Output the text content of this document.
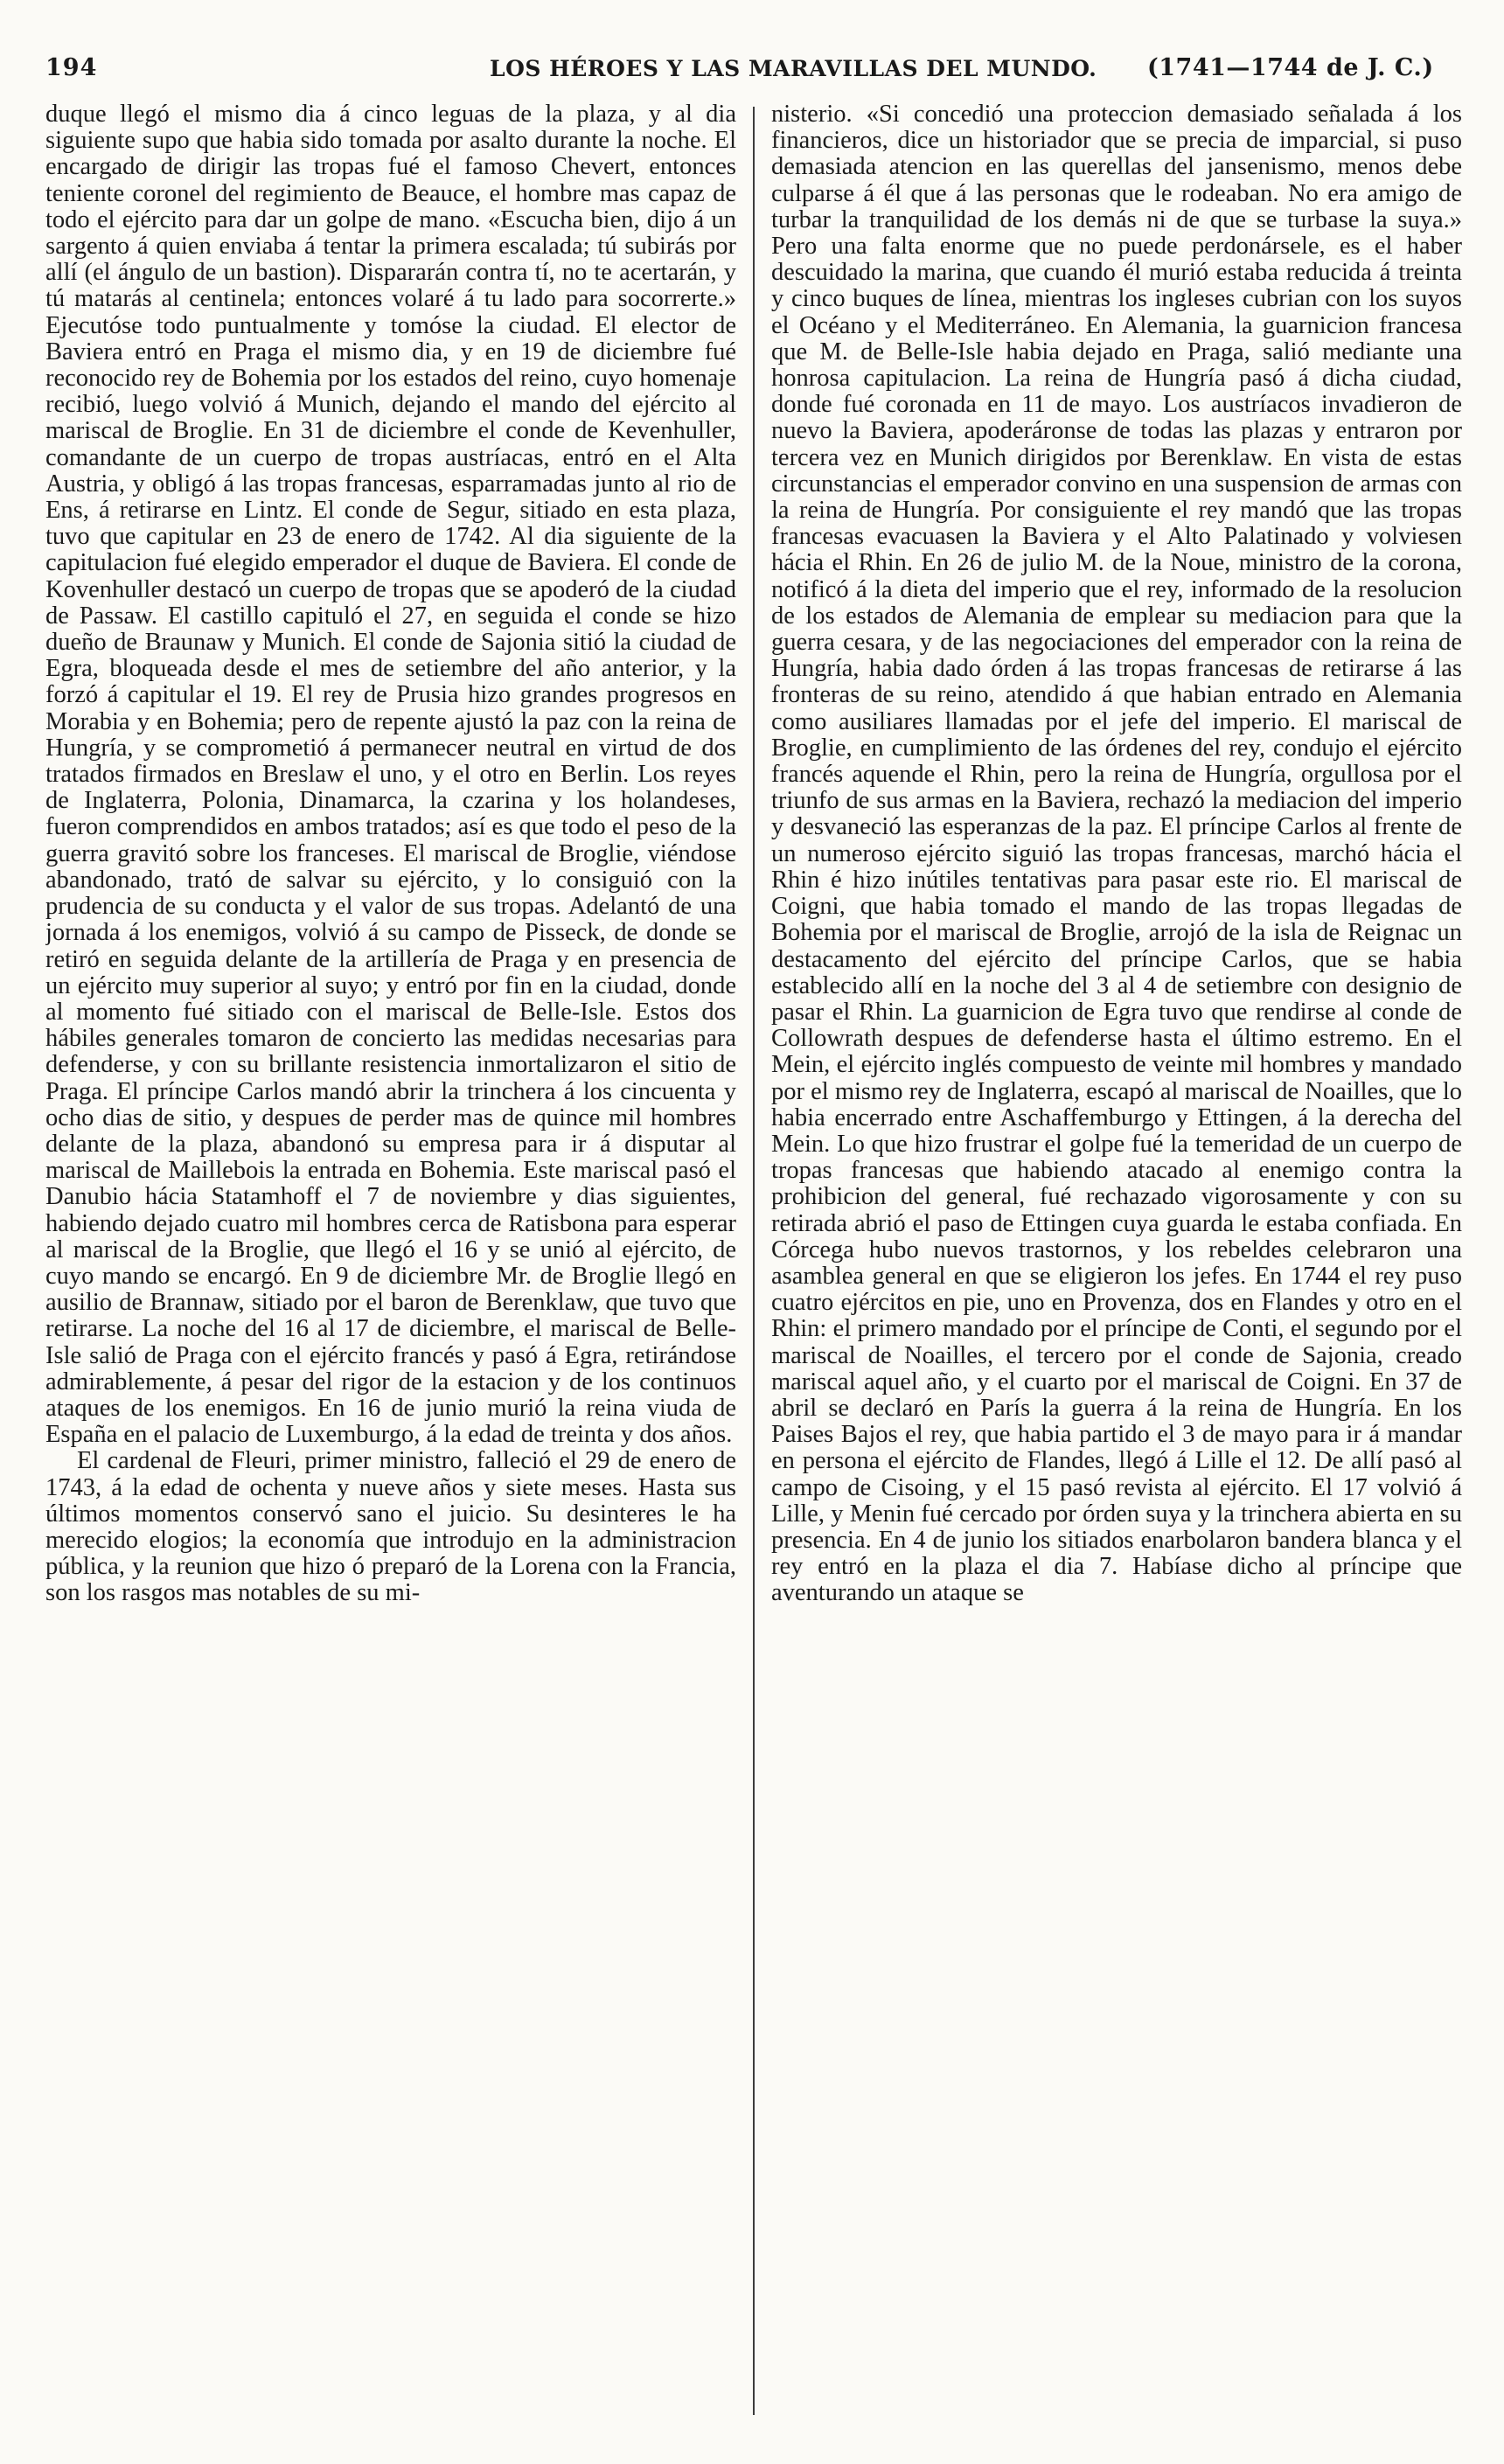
194	LOS HÉROES Y LAS MARAVILLAS DEL MUNDO. (1741—1744 de J. C.)

duque llegó el mismo dia á cinco leguas de la plaza, y al dia siguiente supo que habia sido tomada por asalto durante la noche. El encargado de dirigir las tropas fué el famoso Chevert, entonces teniente coronel del regimiento de Beauce, el hombre mas capaz de todo el ejército para dar un golpe de mano. «Escucha bien, dijo á un sargento á quien enviaba á tentar la primera escalada; tú subirás por allí (el ángulo de un bastion). Dispararán contra tí, no te acertarán, y tú matarás al centinela; entonces volaré á tu lado para socorrerte.» Ejecutóse todo puntualmente y tomóse la ciudad. El elector de Baviera entró en Praga el mismo dia, y en 19 de diciembre fué reconocido rey de Bohemia por los estados del reino, cuyo homenaje recibió, luego volvió á Munich, dejando el mando del ejército al mariscal de Broglie. En 31 de diciembre el conde de Kevenhuller, comandante de un cuerpo de tropas austríacas, entró en el Alta Austria, y obligó á las tropas francesas, esparramadas junto al rio de Ens, á retirarse en Lintz. El conde de Segur, sitiado en esta plaza, tuvo que capitular en 23 de enero de 1742. Al dia siguiente de la capitulacion fué elegido emperador el duque de Baviera. El conde de Kovenhuller destacó un cuerpo de tropas que se apoderó de la ciudad de Passaw. El castillo capituló el 27, en seguida el conde se hizo dueño de Braunaw y Munich. El conde de Sajonia sitió la ciudad de Egra, bloqueada desde el mes de setiembre del año anterior, y la forzó á capitular el 19. El rey de Prusia hizo grandes progresos en Morabia y en Bohemia; pero de repente ajustó la paz con la reina de Hungría, y se comprometió á permanecer neutral en virtud de dos tratados firmados en Breslaw el uno, y el otro en Berlin. Los reyes de Inglaterra, Polonia, Dinamarca, la czarina y los holandeses, fueron comprendidos en ambos tratados; así es que todo el peso de la guerra gravitó sobre los franceses. El mariscal de Broglie, viéndose abandonado, trató de salvar su ejército, y lo consiguió con la prudencia de su conducta y el valor de sus tropas. Adelantó de una jornada á los enemigos, volvió á su campo de Pisseck, de donde se retiró en seguida delante de la artillería de Praga y en presencia de un ejército muy superior al suyo; y entró por fin en la ciudad, donde al momento fué sitiado con el mariscal de Belle-Isle. Estos dos hábiles generales tomaron de concierto las medidas necesarias para defenderse, y con su brillante resistencia inmortalizaron el sitio de Praga. El príncipe Carlos mandó abrir la trinchera á los cincuenta y ocho dias de sitio, y despues de perder mas de quince mil hombres delante de la plaza, abandonó su empresa para ir á disputar al mariscal de Maillebois la entrada en Bohemia. Este mariscal pasó el Danubio hácia Statamhoff el 7 de noviembre y dias siguientes, habiendo dejado cuatro mil hombres cerca de Ratisbona para esperar al mariscal de la Broglie, que llegó el 16 y se unió al ejército, de cuyo mando se encargó. En 9 de diciembre Mr. de Broglie llegó en ausilio de Brannaw, sitiado por el baron de Berenklaw, que tuvo que retirarse. La noche del 16 al 17 de diciembre, el mariscal de Belle-Isle salió de Praga con el ejército francés y pasó á Egra, retirándose admirablemente, á pesar del rigor de la estacion y de los continuos ataques de los enemigos. En 16 de junio murió la reina viuda de España en el palacio de Luxemburgo, á la edad de treinta y dos años.

El cardenal de Fleuri, primer ministro, falleció el 29 de enero de 1743, á la edad de ochenta y nueve años y siete meses. Hasta sus últimos momentos conservó sano el juicio. Su desinteres le ha merecido elogios; la economía que introdujo en la administracion pública, y la reunion que hizo ó preparó de la Lorena con la Francia, son los rasgos mas notables de su mi-

nisterio. «Si concedió una proteccion demasiado señalada á los financieros, dice un historiador que se precia de imparcial, si puso demasiada atencion en las querellas del jansenismo, menos debe culparse á él que á las personas que le rodeaban. No era amigo de turbar la tranquilidad de los demás ni de que se turbase la suya.» Pero una falta enorme que no puede perdonársele, es el haber descuidado la marina, que cuando él murió estaba reducida á treinta y cinco buques de línea, mientras los ingleses cubrian con los suyos el Océano y el Mediterráneo. En Alemania, la guarnicion francesa que M. de Belle-Isle habia dejado en Praga, salió mediante una honrosa capitulacion. La reina de Hungría pasó á dicha ciudad, donde fué coronada en 11 de mayo. Los austríacos invadieron de nuevo la Baviera, apoderáronse de todas las plazas y entraron por tercera vez en Munich dirigidos por Berenklaw. En vista de estas circunstancias el emperador convino en una suspension de armas con la reina de Hungría. Por consiguiente el rey mandó que las tropas francesas evacuasen la Baviera y el Alto Palatinado y volviesen hácia el Rhin. En 26 de julio M. de la Noue, ministro de la corona, notificó á la dieta del imperio que el rey, informado de la resolucion de los estados de Alemania de emplear su mediacion para que la guerra cesara, y de las negociaciones del emperador con la reina de Hungría, habia dado órden á las tropas francesas de retirarse á las fronteras de su reino, atendido á que habian entrado en Alemania como ausiliares llamadas por el jefe del imperio. El mariscal de Broglie, en cumplimiento de las órdenes del rey, condujo el ejército francés aquende el Rhin, pero la reina de Hungría, orgullosa por el triunfo de sus armas en la Baviera, rechazó la mediacion del imperio y desvaneció las esperanzas de la paz. El príncipe Carlos al frente de un numeroso ejército siguió las tropas francesas, marchó hácia el Rhin é hizo inútiles tentativas para pasar este rio. El mariscal de Coigni, que habia tomado el mando de las tropas llegadas de Bohemia por el mariscal de Broglie, arrojó de la isla de Reignac un destacamento del ejército del príncipe Carlos, que se habia establecido allí en la noche del 3 al 4 de setiembre con designio de pasar el Rhin. La guarnicion de Egra tuvo que rendirse al conde de Collowrath despues de defenderse hasta el último estremo. En el Mein, el ejército inglés compuesto de veinte mil hombres y mandado por el mismo rey de Inglaterra, escapó al mariscal de Noailles, que lo habia encerrado entre Aschaffemburgo y Ettingen, á la derecha del Mein. Lo que hizo frustrar el golpe fué la temeridad de un cuerpo de tropas francesas que habiendo atacado al enemigo contra la prohibicion del general, fué rechazado vigorosamente y con su retirada abrió el paso de Ettingen cuya guarda le estaba confiada. En Córcega hubo nuevos trastornos, y los rebeldes celebraron una asamblea general en que se eligieron los jefes. En 1744 el rey puso cuatro ejércitos en pie, uno en Provenza, dos en Flandes y otro en el Rhin: el primero mandado por el príncipe de Conti, el segundo por el mariscal de Noailles, el tercero por el conde de Sajonia, creado mariscal aquel año, y el cuarto por el mariscal de Coigni. En 37 de abril se declaró en París la guerra á la reina de Hungría. En los Paises Bajos el rey, que habia partido el 3 de mayo para ir á mandar en persona el ejército de Flandes, llegó á Lille el 12. De allí pasó al campo de Cisoing, y el 15 pasó revista al ejército. El 17 volvió á Lille, y Menin fué cercado por órden suya y la trinchera abierta en su presencia. En 4 de junio los sitiados enarbolaron bandera blanca y el rey entró en la plaza el dia 7. Habíase dicho al príncipe que aventurando un ataque se
